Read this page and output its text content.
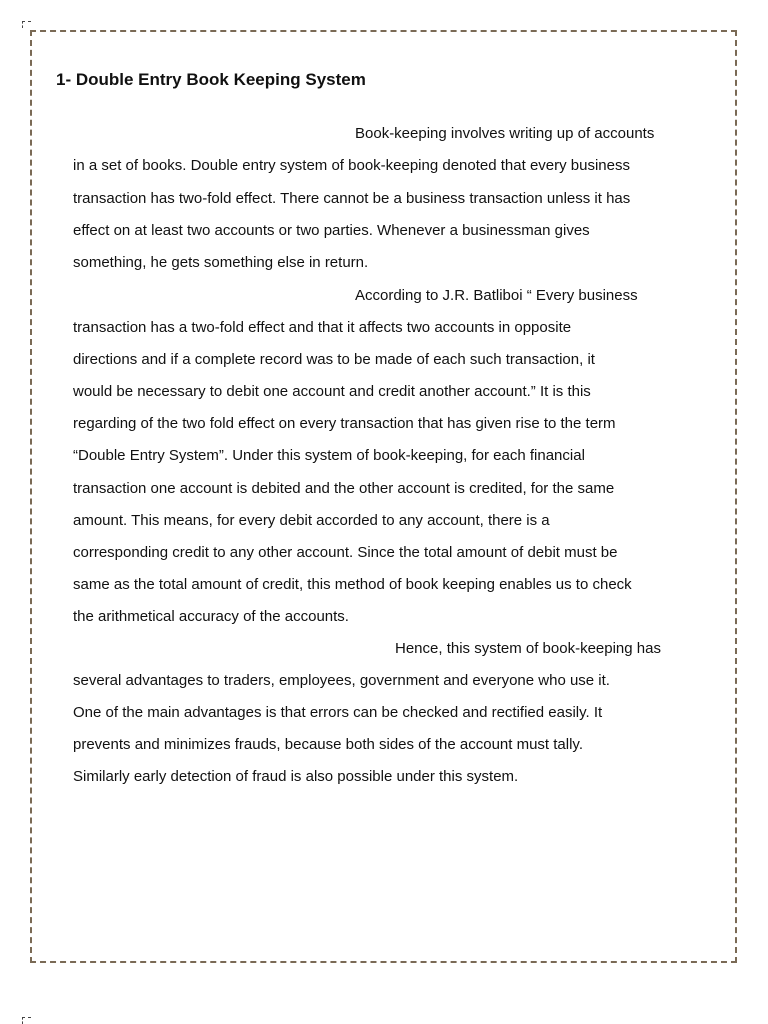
1- Double Entry Book Keeping System

Book-keeping involves writing up of accounts

in a set of books. Double entry system of book-keeping denoted that every business

transaction has two-fold effect. There cannot be a business transaction unless it has

effect on at least two accounts or two parties. Whenever a businessman gives

something, he gets something else in return.

According to J.R. Batliboi “ Every business

transaction has a two-fold effect and that it affects two accounts in opposite

directions and if a complete record was to be made of each such transaction, it

would be necessary to debit one account and credit another account.” It is this

regarding of the two fold effect on every transaction that has given rise to the term

“Double Entry System”. Under this system of book-keeping, for each financial

transaction one account is debited and the other account is credited, for the same

amount. This means, for every debit accorded to any account, there is a

corresponding credit to any other account. Since the total amount of debit must be

same as the total amount of credit, this method of book keeping enables us to check

the arithmetical accuracy of the accounts.

Hence, this system of book-keeping has

several advantages to traders, employees, government and everyone who use it.

One of the main advantages is that errors can be checked and rectified easily. It

prevents and minimizes frauds, because both sides of the account must tally.

Similarly early detection of fraud is also possible under this system.
